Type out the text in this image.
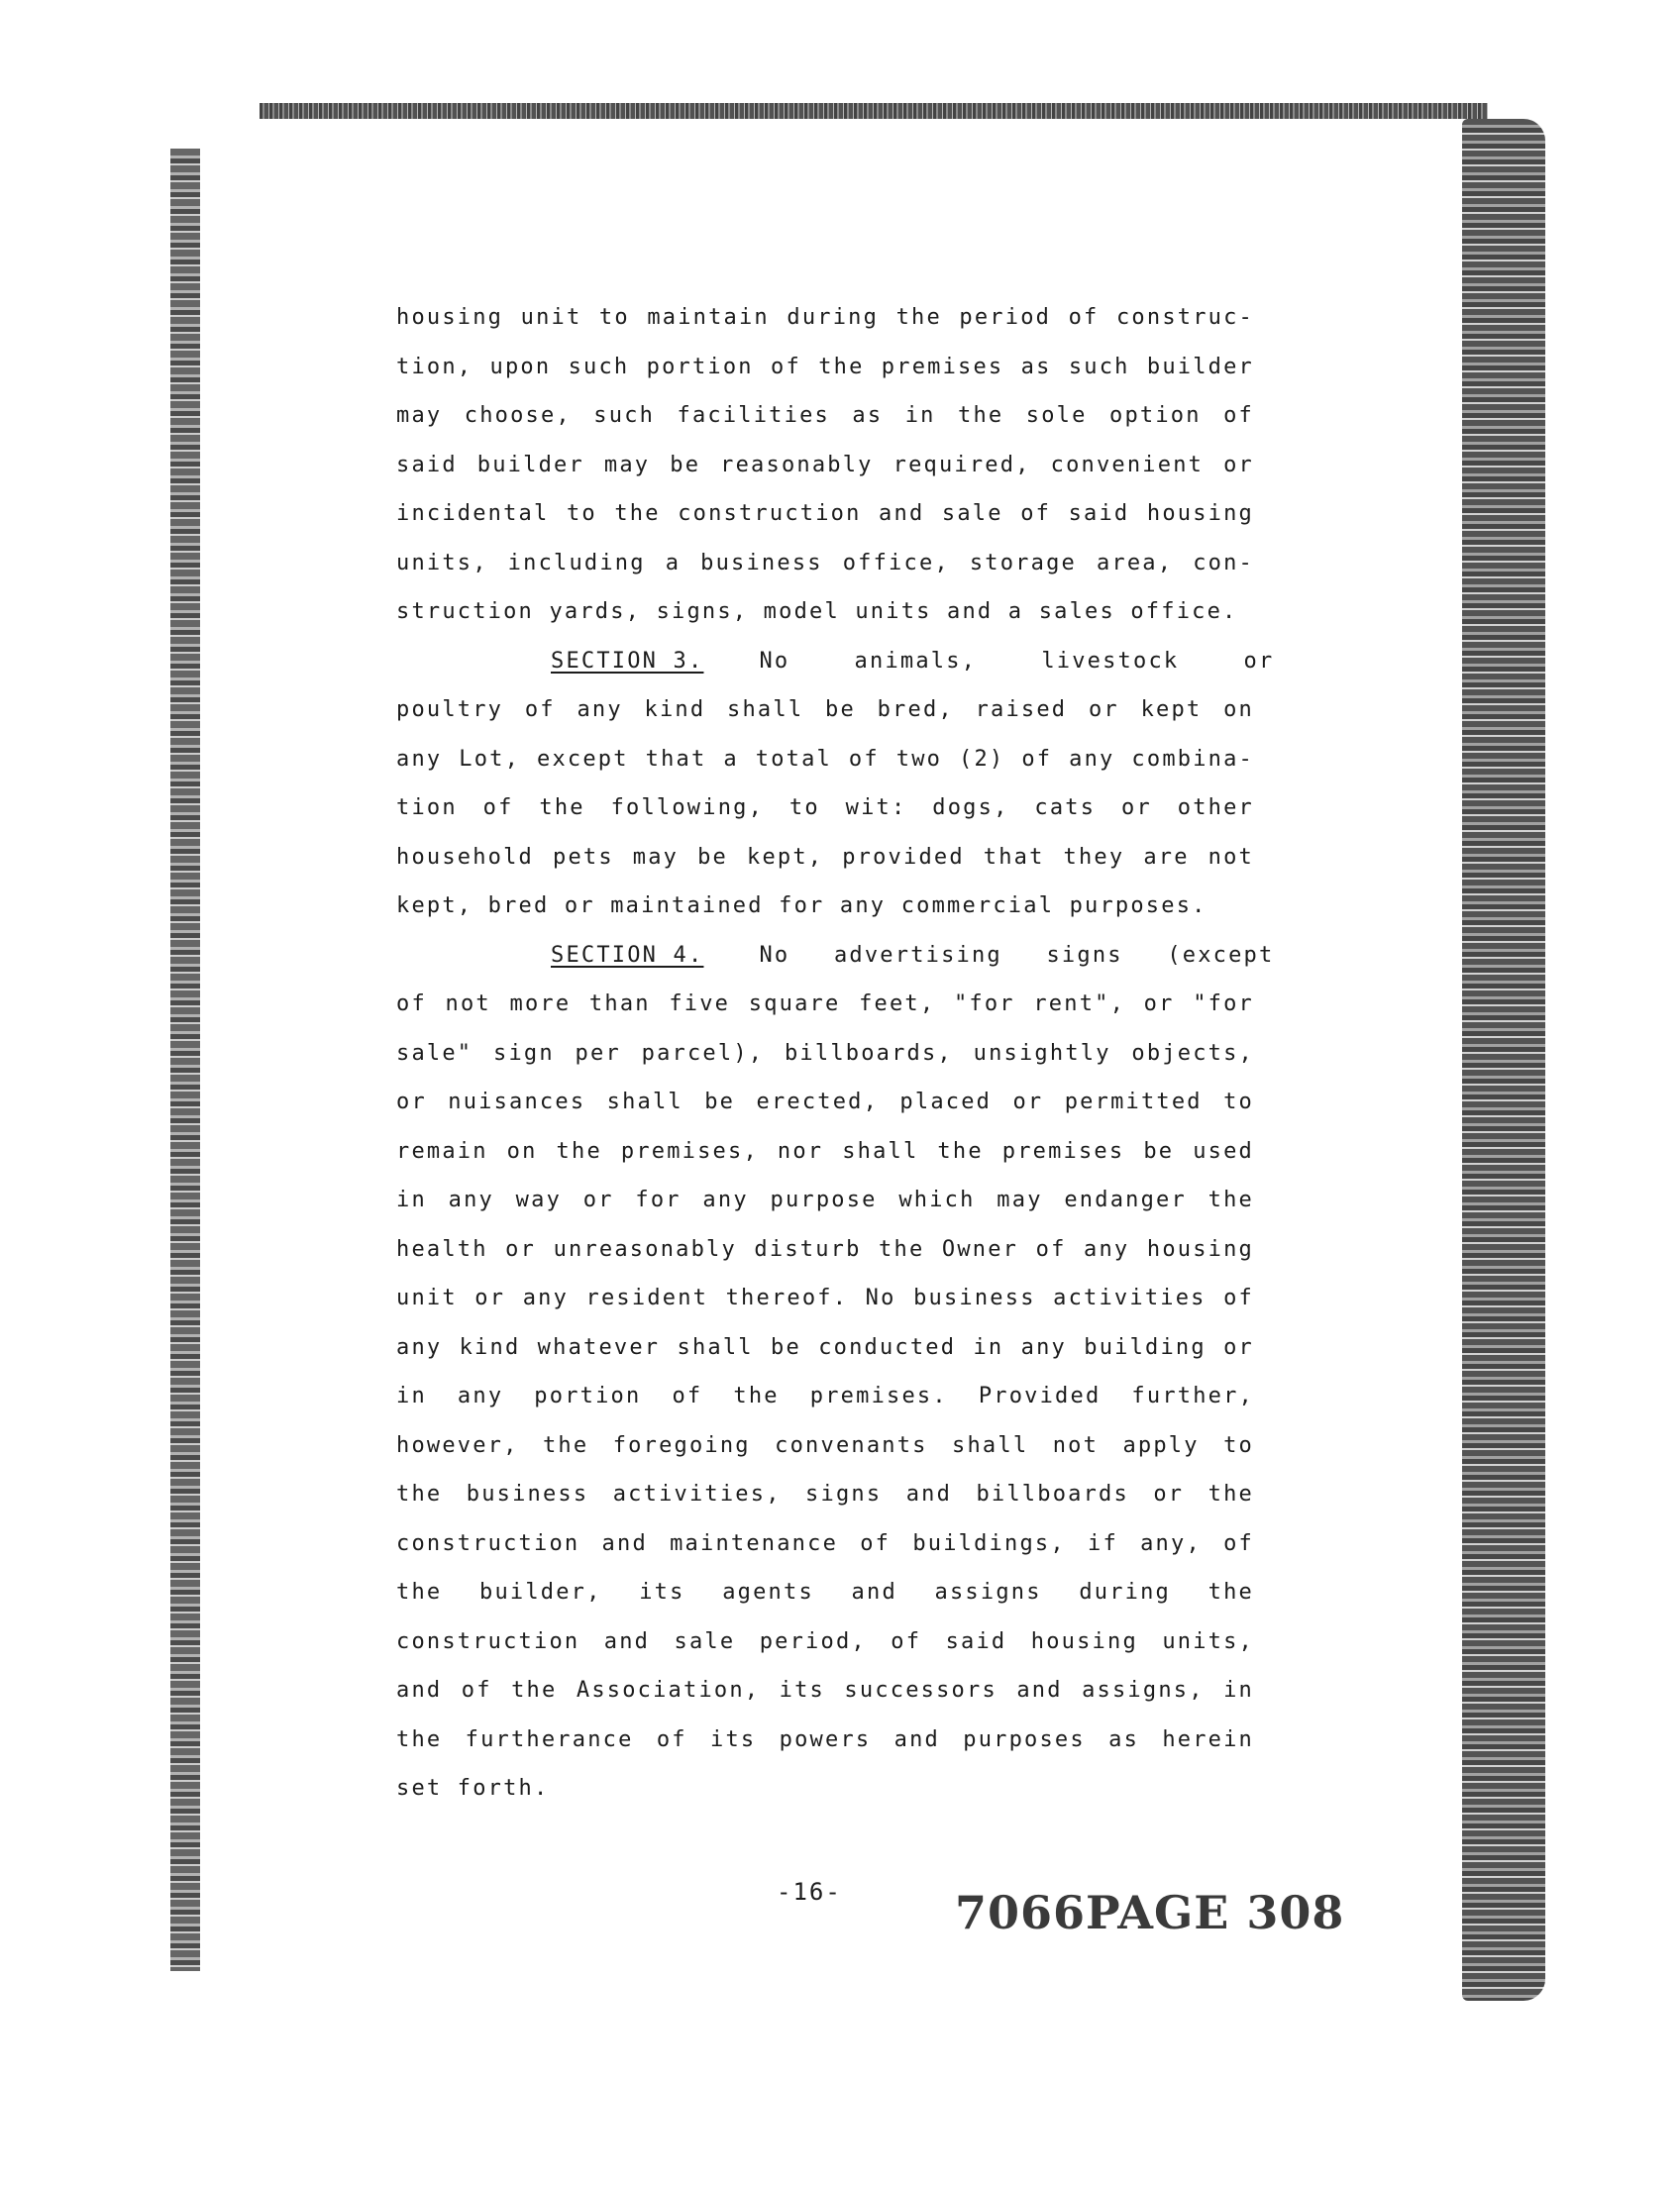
housing unit to maintain during the period of construc-
tion, upon such portion of the premises as such builder
may choose, such facilities as in the sole option of
said builder may be reasonably required, convenient or
incidental to the construction and sale of said housing
units, including a business office, storage area, con-
struction yards, signs, model units and a sales office.
SECTION 3.	No animals, livestock or
poultry of any kind shall be bred, raised or kept on
any Lot, except that a total of two (2) of any combina-
tion of the following, to wit: dogs, cats or other
household pets may be kept, provided that they are not
kept, bred or maintained for any commercial purposes.
SECTION 4.	No advertising signs (except
of not more than five square feet, "for rent", or "for
sale" sign per parcel), billboards, unsightly objects,
or nuisances shall be erected, placed or permitted to
remain on the premises, nor shall the premises be used
in any way or for any purpose which may endanger the
health or unreasonably disturb the Owner of any housing
unit or any resident thereof. No business activities of
any kind whatever shall be conducted in any building or
in any portion of the premises. Provided further,
however, the foregoing convenants shall not apply to
the business activities, signs and billboards or the
construction and maintenance of buildings, if any, of
the builder, its agents and assigns during the
construction and sale period, of said housing units,
and of the Association, its successors and assigns, in
the furtherance of its powers and purposes as herein
set forth.
-16- 7066PAGE 308
